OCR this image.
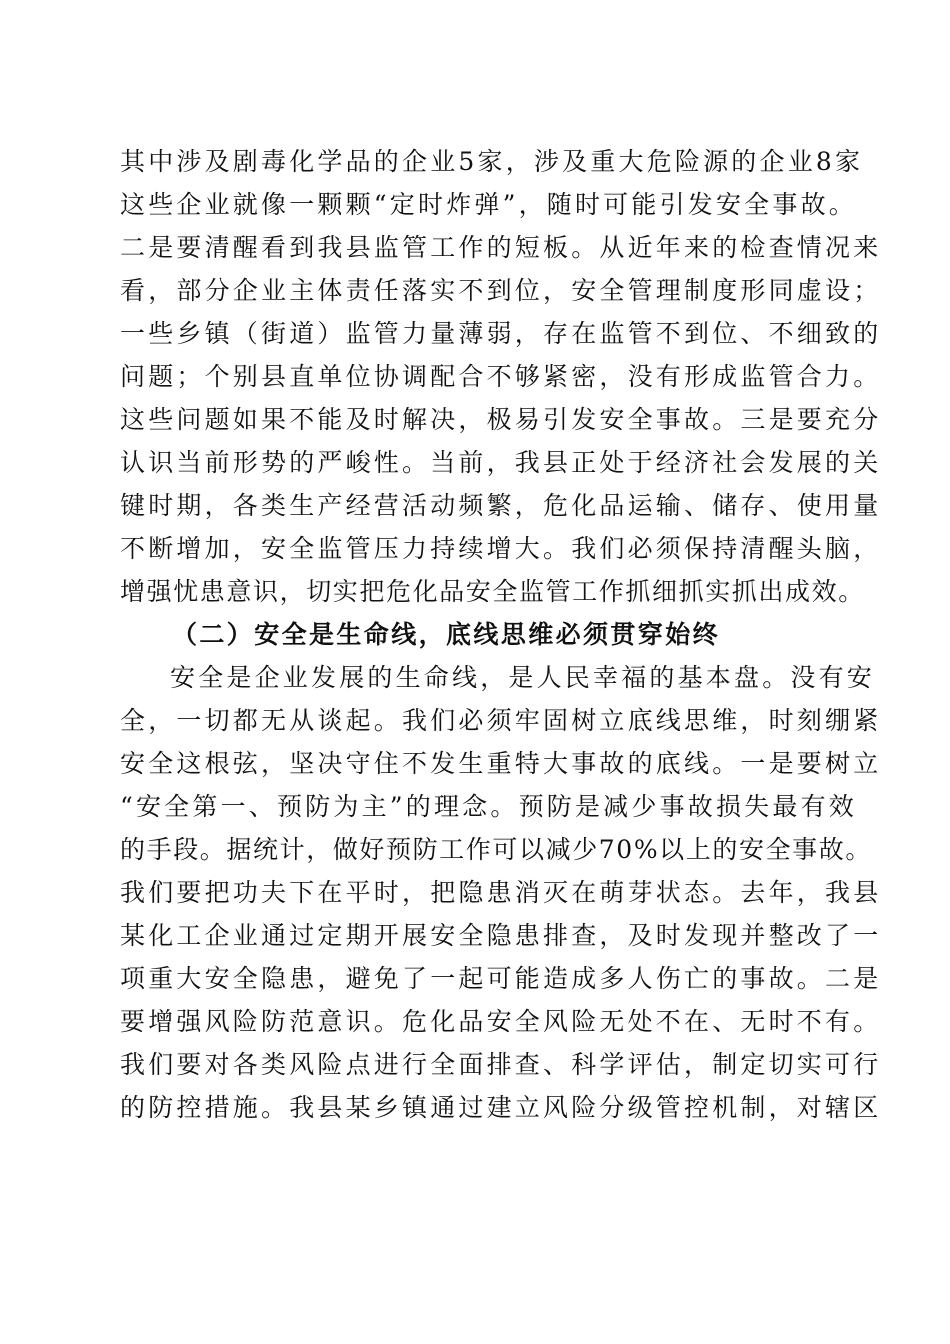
其中涉及剧毒化学品的企业5家，涉及重大危险源的企业8家
这些企业就像一颗颗“定时炸弹”，随时可能引发安全事故。
二是要清醒看到我县监管工作的短板。从近年来的检查情况来
看，部分企业主体责任落实不到位，安全管理制度形同虚设；
一些乡镇（街道）监管力量薄弱，存在监管不到位、不细致的
问题；个别县直单位协调配合不够紧密，没有形成监管合力。
这些问题如果不能及时解决，极易引发安全事故。三是要充分
认识当前形势的严峻性。当前，我县正处于经济社会发展的关
键时期，各类生产经营活动频繁，危化品运输、储存、使用量
不断增加，安全监管压力持续增大。我们必须保持清醒头脑，
增强忧患意识，切实把危化品安全监管工作抓细抓实抓出成效。
（二）安全是生命线，底线思维必须贯穿始终
安全是企业发展的生命线，是人民幸福的基本盘。没有安
全，一切都无从谈起。我们必须牢固树立底线思维，时刻绷紧
安全这根弦，坚决守住不发生重特大事故的底线。一是要树立
“安全第一、预防为主”的理念。预防是减少事故损失最有效
的手段。据统计，做好预防工作可以减少70%以上的安全事故。
我们要把功夫下在平时，把隐患消灭在萌芽状态。去年，我县
某化工企业通过定期开展安全隐患排查，及时发现并整改了一
项重大安全隐患，避免了一起可能造成多人伤亡的事故。二是
要增强风险防范意识。危化品安全风险无处不在、无时不有。
我们要对各类风险点进行全面排查、科学评估，制定切实可行
的防控措施。我县某乡镇通过建立风险分级管控机制，对辖区
